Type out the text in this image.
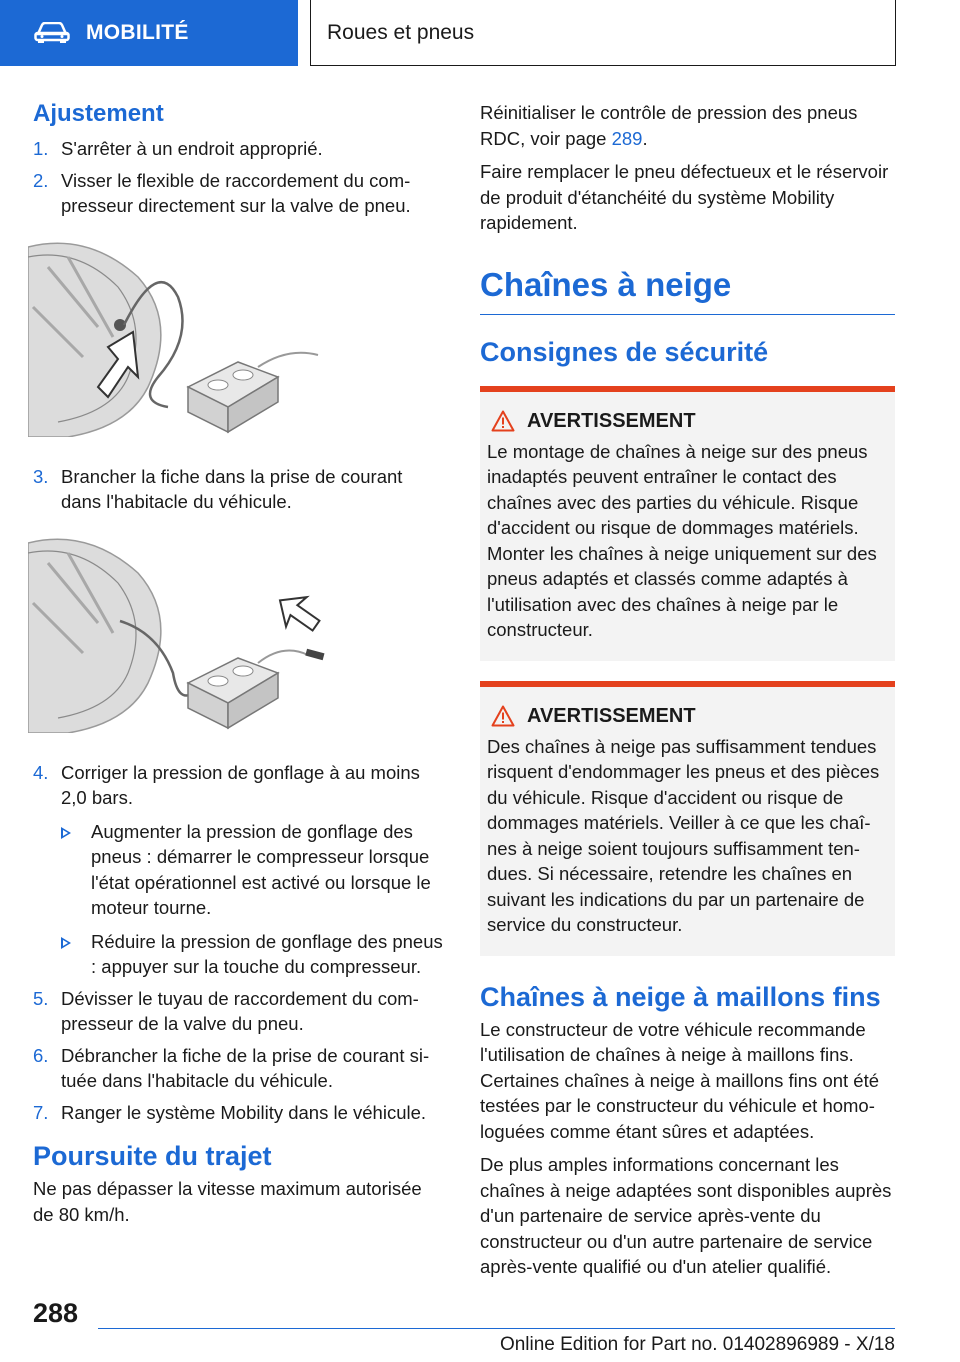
MOBILITÉ	Roues et pneus
Ajustement
1. S'arrêter à un endroit approprié.
2. Visser le flexible de raccordement du compresseur directement sur la valve de pneu.
3. Brancher la fiche dans la prise de courant dans l'habitacle du véhicule.
4. Corriger la pression de gonflage à au moins 2,0 bars.
Augmenter la pression de gonflage des pneus : démarrer le compresseur lorsque l'état opérationnel est activé ou lorsque le moteur tourne.
Réduire la pression de gonflage des pneus : appuyer sur la touche du compresseur.
5. Dévisser le tuyau de raccordement du compresseur de la valve du pneu.
6. Débrancher la fiche de la prise de courant située dans l'habitacle du véhicule.
7. Ranger le système Mobility dans le véhicule.
Poursuite du trajet

Ne pas dépasser la vitesse maximum autorisée de 80 km/h.

Réinitialiser le contrôle de pression des pneus RDC, voir page 289.

Faire remplacer le pneu défectueux et le réservoir de produit d'étanchéité du système Mobility rapidement.

Chaînes à neige
Consignes de sécurité
AVERTISSEMENT

Le montage de chaînes à neige sur des pneus inadaptés peuvent entraîner le contact des chaînes avec des parties du véhicule. Risque d'accident ou risque de dommages matériels. Monter les chaînes à neige uniquement sur des pneus adaptés et classés comme adaptés à l'utilisation avec des chaînes à neige par le constructeur.

AVERTISSEMENT

Des chaînes à neige pas suffisamment tendues risquent d'endommager les pneus et des pièces du véhicule. Risque d'accident ou risque de dommages matériels. Veiller à ce que les chaînes à neige soient toujours suffisamment tendues. Si nécessaire, retendre les chaînes en suivant les indications du par un partenaire de service du constructeur.

Chaînes à neige à maillons fins

Le constructeur de votre véhicule recommande l'utilisation de chaînes à neige à maillons fins. Certaines chaînes à neige à maillons fins ont été testées par le constructeur du véhicule et homologuées comme étant sûres et adaptées.

De plus amples informations concernant les chaînes à neige adaptées sont disponibles auprès d'un partenaire de service après-vente du constructeur ou d'un autre partenaire de service après-vente qualifié ou d'un atelier qualifié.

288
Online Edition for Part no. 01402896989 - X/18
